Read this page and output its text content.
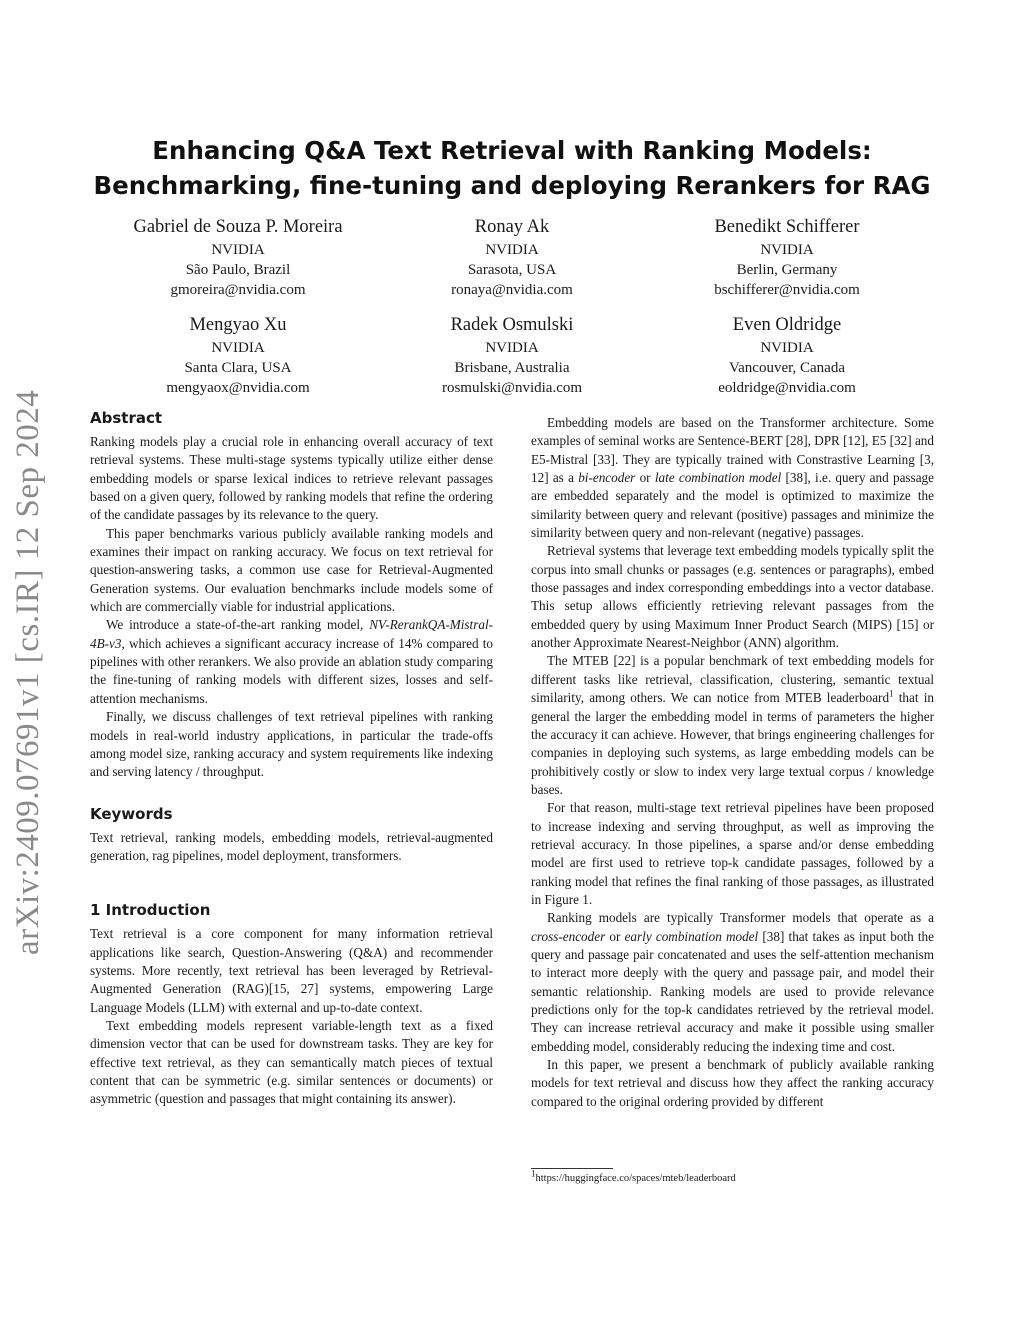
arXiv:2409.07691v1 [cs.IR] 12 Sep 2024
Enhancing Q&A Text Retrieval with Ranking Models:
Benchmarking, fine-tuning and deploying Rerankers for RAG
Gabriel de Souza P. Moreira
NVIDIA
São Paulo, Brazil
gmoreira@nvidia.com
Ronay Ak
NVIDIA
Sarasota, USA
ronaya@nvidia.com
Benedikt Schifferer
NVIDIA
Berlin, Germany
bschifferer@nvidia.com
Mengyao Xu
NVIDIA
Santa Clara, USA
mengyaox@nvidia.com
Radek Osmulski
NVIDIA
Brisbane, Australia
rosmulski@nvidia.com
Even Oldridge
NVIDIA
Vancouver, Canada
eoldridge@nvidia.com
Abstract

Ranking models play a crucial role in enhancing overall accuracy of text retrieval systems. These multi-stage systems typically utilize either dense embedding models or sparse lexical indices to retrieve relevant passages based on a given query, followed by ranking models that refine the ordering of the candidate passages by its relevance to the query.

This paper benchmarks various publicly available ranking models and examines their impact on ranking accuracy. We focus on text retrieval for question-answering tasks, a common use case for Retrieval-Augmented Generation systems. Our evaluation benchmarks include models some of which are commercially viable for industrial applications.

We introduce a state-of-the-art ranking model, NV-RerankQA-Mistral-4B-v3, which achieves a significant accuracy increase of 14% compared to pipelines with other rerankers. We also provide an ablation study comparing the fine-tuning of ranking models with different sizes, losses and self-attention mechanisms.

Finally, we discuss challenges of text retrieval pipelines with ranking models in real-world industry applications, in particular the trade-offs among model size, ranking accuracy and system requirements like indexing and serving latency / throughput.

Keywords

Text retrieval, ranking models, embedding models, retrieval-augmented generation, rag pipelines, model deployment, transformers.

1 Introduction

Text retrieval is a core component for many information retrieval applications like search, Question-Answering (Q&A) and recommender systems. More recently, text retrieval has been leveraged by Retrieval-Augmented Generation (RAG)[15, 27] systems, empowering Large Language Models (LLM) with external and up-to-date context.

Text embedding models represent variable-length text as a fixed dimension vector that can be used for downstream tasks. They are key for effective text retrieval, as they can semantically match pieces of textual content that can be symmetric (e.g. similar sentences or documents) or asymmetric (question and passages that might containing its answer).

Embedding models are based on the Transformer architecture. Some examples of seminal works are Sentence-BERT [28], DPR [12], E5 [32] and E5-Mistral [33]. They are typically trained with Constrastive Learning [3, 12] as a bi-encoder or late combination model [38], i.e. query and passage are embedded separately and the model is optimized to maximize the similarity between query and relevant (positive) passages and minimize the similarity between query and non-relevant (negative) passages.

Retrieval systems that leverage text embedding models typically split the corpus into small chunks or passages (e.g. sentences or paragraphs), embed those passages and index corresponding embeddings into a vector database. This setup allows efficiently retrieving relevant passages from the embedded query by using Maximum Inner Product Search (MIPS) [15] or another Approximate Nearest-Neighbor (ANN) algorithm.

The MTEB [22] is a popular benchmark of text embedding models for different tasks like retrieval, classification, clustering, semantic textual similarity, among others. We can notice from MTEB leaderboard$^1$ that in general the larger the embedding model in terms of parameters the higher the accuracy it can achieve. However, that brings engineering challenges for companies in deploying such systems, as large embedding models can be prohibitively costly or slow to index very large textual corpus / knowledge bases.

For that reason, multi-stage text retrieval pipelines have been proposed to increase indexing and serving throughput, as well as improving the retrieval accuracy. In those pipelines, a sparse and/or dense embedding model are first used to retrieve top-k candidate passages, followed by a ranking model that refines the final ranking of those passages, as illustrated in Figure 1.

Ranking models are typically Transformer models that operate as a cross-encoder or early combination model [38] that takes as input both the query and passage pair concatenated and uses the self-attention mechanism to interact more deeply with the query and passage pair, and model their semantic relationship. Ranking models are used to provide relevance predictions only for the top-k candidates retrieved by the retrieval model. They can increase retrieval accuracy and make it possible using smaller embedding model, considerably reducing the indexing time and cost.

In this paper, we present a benchmark of publicly available ranking models for text retrieval and discuss how they affect the ranking accuracy compared to the original ordering provided by different

$^1$https://huggingface.co/spaces/mteb/leaderboard
